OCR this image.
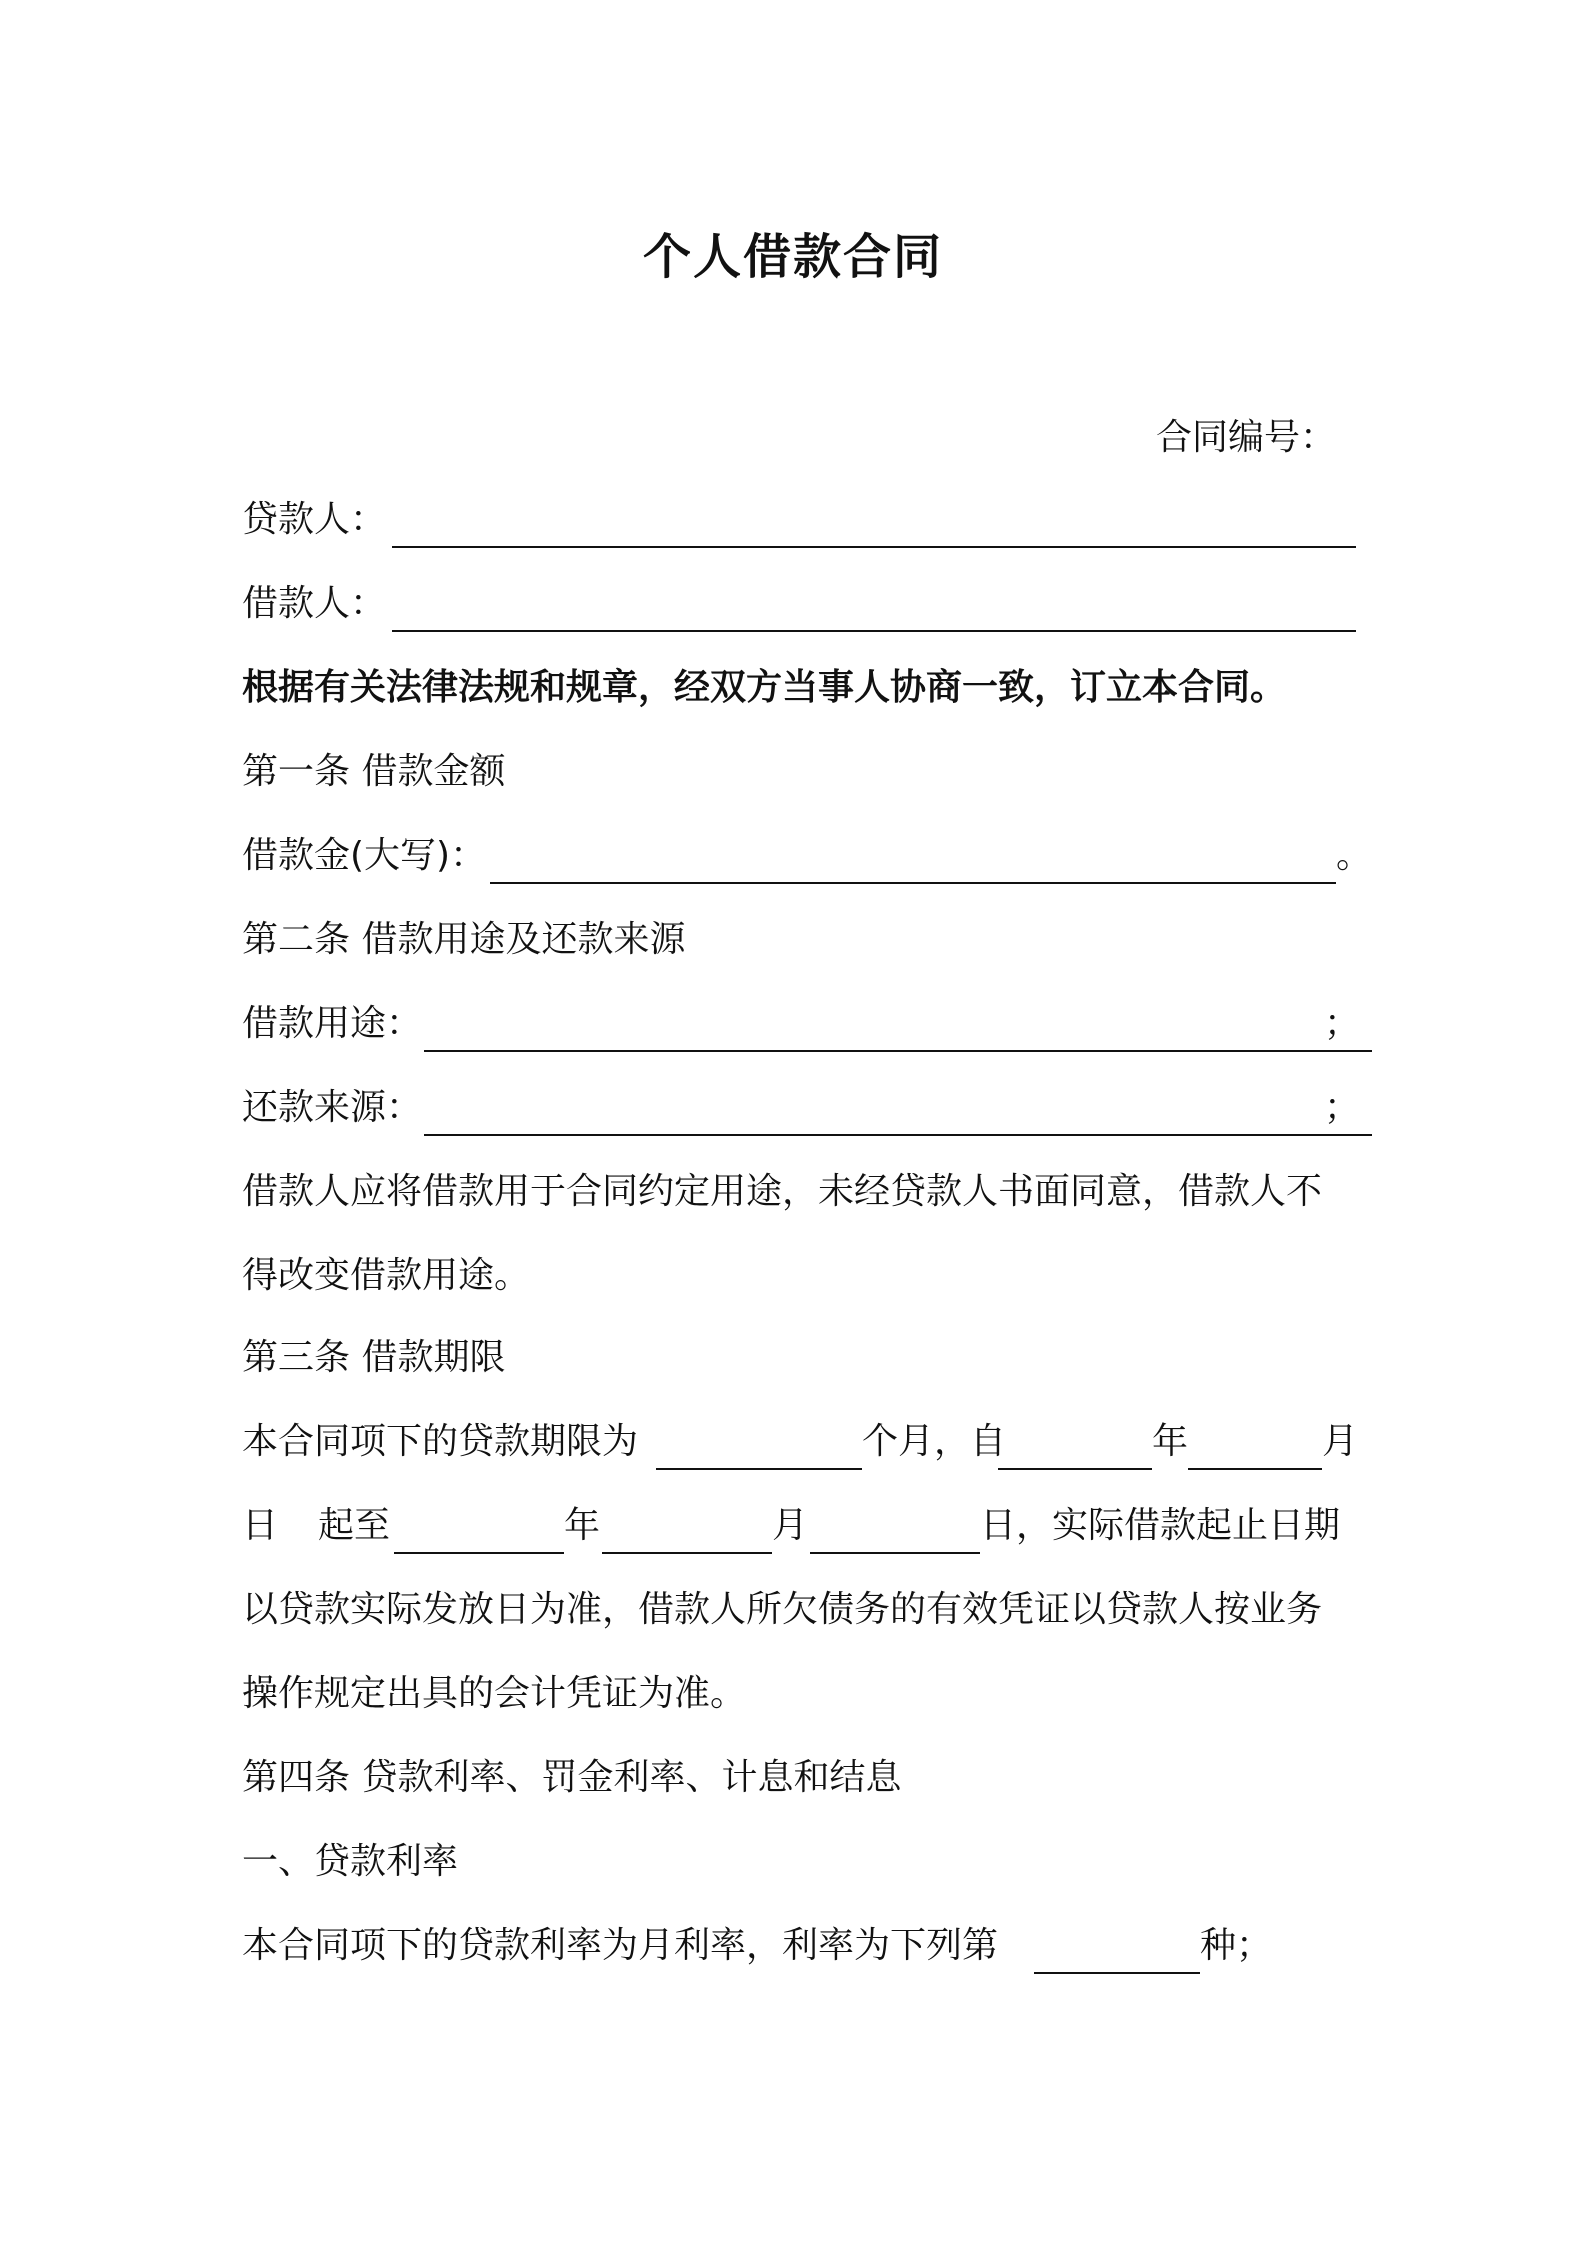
个人借款合同
合同编号：
贷款人：
借款人：
根据有关法律法规和规章，经双方当事人协商一致，订立本合同。
第一条 借款金额
借款金(大写)：	。
第二条 借款用途及还款来源
借款用途：	；
还款来源：	；
借款人应将借款用于合同约定用途，未经贷款人书面同意，借款人不
得改变借款用途。
第三条 借款期限
本合同项下的贷款期限为	个月，自	年	月
日 起至	年	月	日，实际借款起止日期
以贷款实际发放日为准，借款人所欠债务的有效凭证以贷款人按业务
操作规定出具的会计凭证为准。
第四条 贷款利率、罚金利率、计息和结息
一、贷款利率
本合同项下的贷款利率为月利率，利率为下列第	种；
